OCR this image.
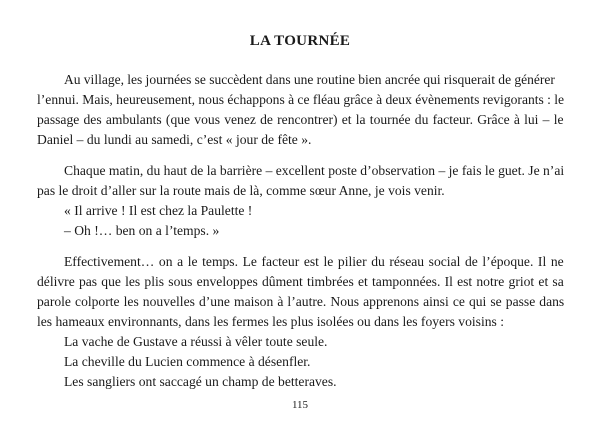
LA TOURNÉE
Au village, les journées se succèdent dans une routine bien ancrée qui risquerait de générer
l’ennui. Mais, heureusement, nous échappons à ce fléau grâce à deux évènements revigorants : le
passage des ambulants (que vous venez de rencontrer) et la tournée du facteur. Grâce à lui – le
Daniel – du lundi au samedi, c’est « jour de fête ».
Chaque matin, du haut de la barrière – excellent poste d’observation – je fais le guet. Je n’ai
pas le droit d’aller sur la route mais de là, comme sœur Anne, je vois venir.
« Il arrive ! Il est chez la Paulette !
– Oh !… ben on a l’temps. »
Effectivement… on a le temps. Le facteur est le pilier du réseau social de l’époque. Il ne
délivre pas que les plis sous enveloppes dûment timbrées et tamponnées. Il est notre griot et sa
parole colporte les nouvelles d’une maison à l’autre. Nous apprenons ainsi ce qui se passe dans
les hameaux environnants, dans les fermes les plus isolées ou dans les foyers voisins :
La vache de Gustave a réussi à vêler toute seule.
La cheville du Lucien commence à désenfler.
Les sangliers ont saccagé un champ de betteraves.
115
